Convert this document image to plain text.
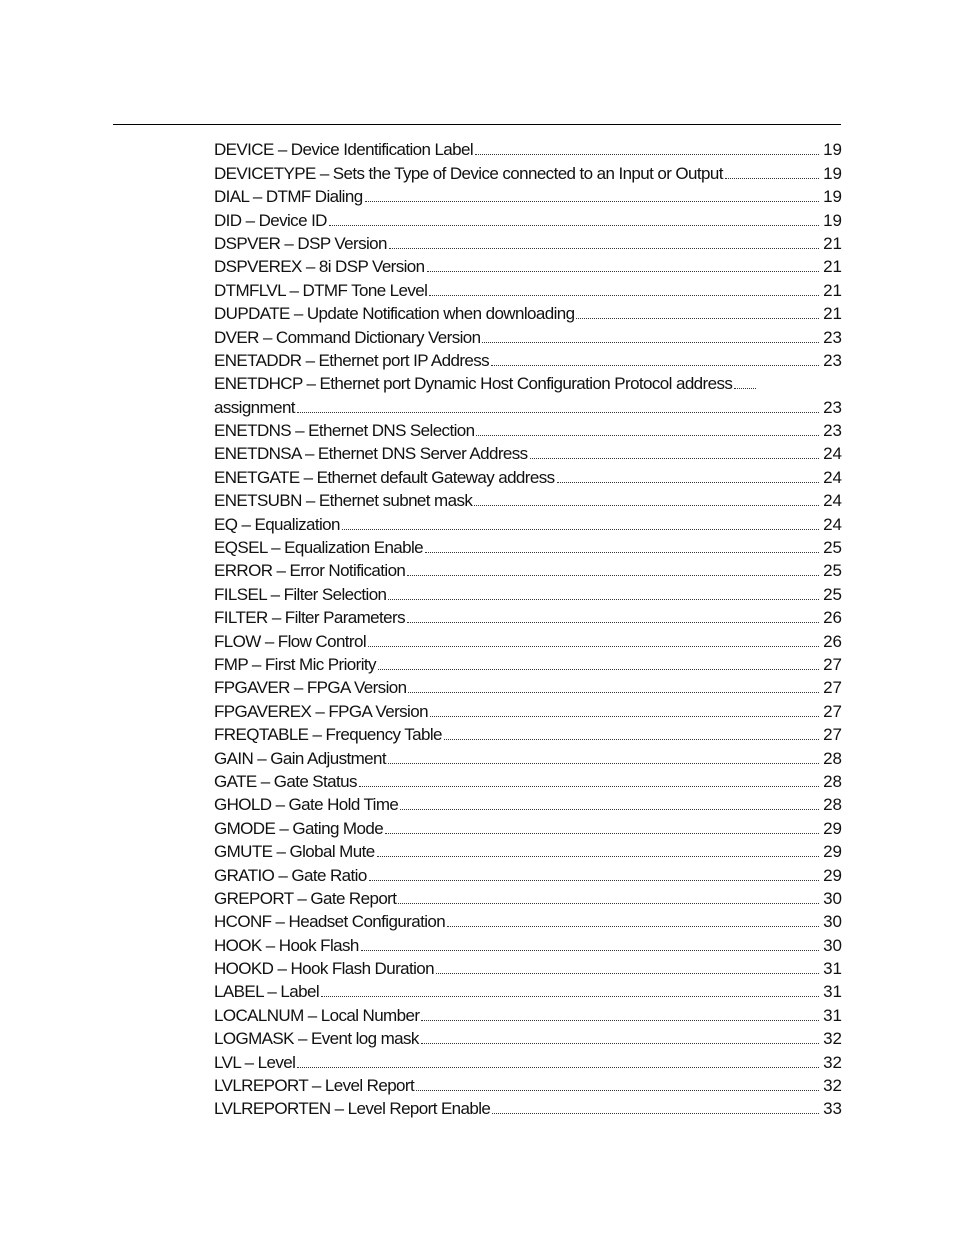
DEVICE – Device Identification Label	19
DEVICETYPE – Sets the Type of Device connected to an Input or Output	19
DIAL – DTMF Dialing	19
DID – Device ID	19
DSPVER – DSP Version	21
DSPVEREX – 8i DSP Version	21
DTMFLVL – DTMF Tone Level	21
DUPDATE – Update Notification when downloading	21
DVER – Command Dictionary Version	23
ENETADDR – Ethernet port IP Address	23
ENETDHCP – Ethernet port Dynamic Host Configuration Protocol address
assignment	23
ENETDNS – Ethernet DNS Selection	23
ENETDNSA – Ethernet DNS Server Address	24
ENETGATE – Ethernet default Gateway address	24
ENETSUBN – Ethernet subnet mask	24
EQ – Equalization	24
EQSEL – Equalization Enable	25
ERROR – Error Notification	25
FILSEL – Filter Selection	25
FILTER – Filter Parameters	26
FLOW – Flow Control	26
FMP – First Mic Priority	27
FPGAVER – FPGA Version	27
FPGAVEREX – FPGA Version	27
FREQTABLE – Frequency Table	27
GAIN – Gain Adjustment	28
GATE – Gate Status	28
GHOLD – Gate Hold Time	28
GMODE – Gating Mode	29
GMUTE – Global Mute	29
GRATIO – Gate Ratio	29
GREPORT – Gate Report	30
HCONF – Headset Configuration	30
HOOK – Hook Flash	30
HOOKD – Hook Flash Duration	31
LABEL – Label	31
LOCALNUM – Local Number	31
LOGMASK – Event log mask	32
LVL – Level	32
LVLREPORT – Level Report	32
LVLREPORTEN – Level Report Enable	33
